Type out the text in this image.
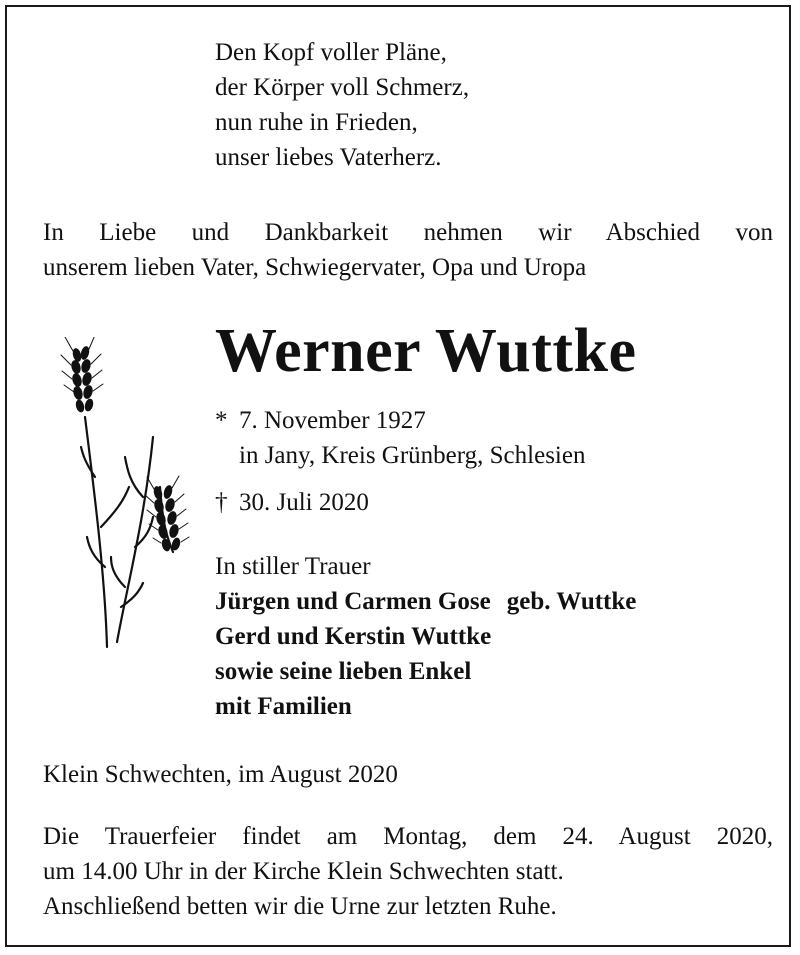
Den Kopf voller Pläne,
der Körper voll Schmerz,
nun ruhe in Frieden,
unser liebes Vaterherz.
In Liebe und Dankbarkeit nehmen wir Abschied von
unserem lieben Vater, Schwiegervater, Opa und Uropa
Werner Wuttke
* 7. November 1927
in Jany, Kreis Grünberg, Schlesien
† 30. Juli 2020
In stiller Trauer
Jürgen und Carmen Gose geb. Wuttke
Gerd und Kerstin Wuttke
sowie seine lieben Enkel
mit Familien
Klein Schwechten, im August 2020
Die Trauerfeier findet am Montag, dem 24. August 2020,
um 14.00 Uhr in der Kirche Klein Schwechten statt.
Anschließend betten wir die Urne zur letzten Ruhe.
